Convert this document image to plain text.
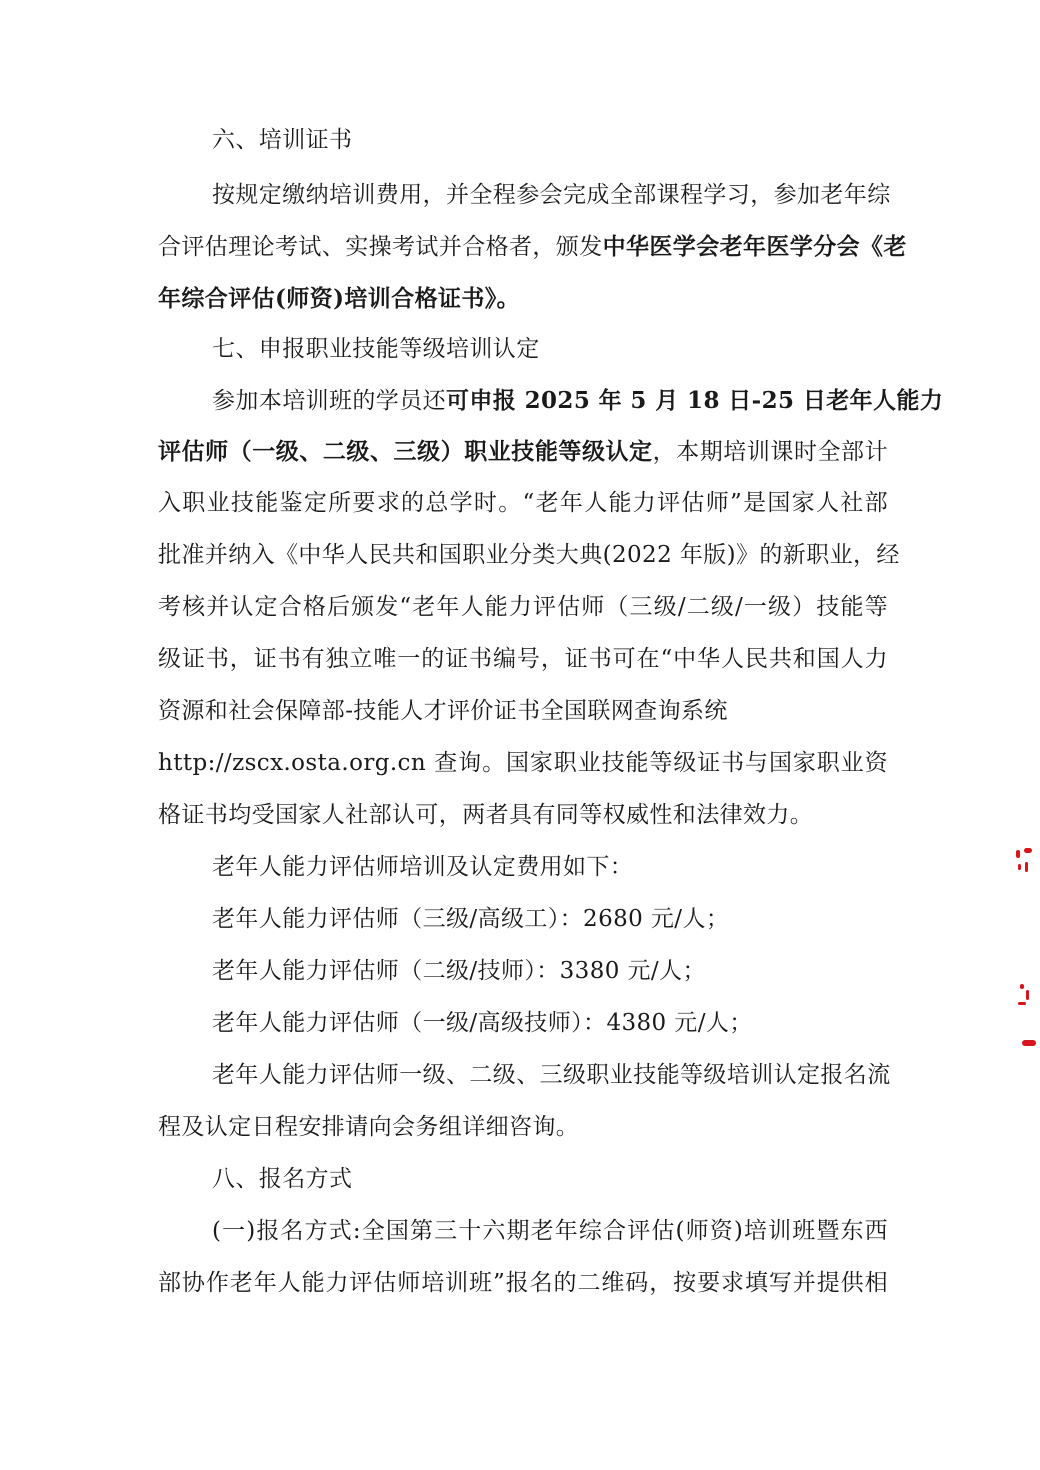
六、培训证书
按规定缴纳培训费用，并全程参会完成全部课程学习，参加老年综
合评估理论考试、实操考试并合格者，颁发中华医学会老年医学分会《老
年综合评估(师资)培训合格证书》。
七、申报职业技能等级培训认定
参加本培训班的学员还可申报 2025 年 5 月 18 日-25 日老年人能力
评估师（一级、二级、三级）职业技能等级认定，本期培训课时全部计
入职业技能鉴定所要求的总学时。“老年人能力评估师”是国家人社部
批准并纳入《中华人民共和国职业分类大典(2022 年版)》的新职业，经
考核并认定合格后颁发“老年人能力评估师（三级/二级/一级）技能等
级证书，证书有独立唯一的证书编号，证书可在“中华人民共和国人力
资源和社会保障部-技能人才评价证书全国联网查询系统
http://zscx.osta.org.cn 查询。国家职业技能等级证书与国家职业资
格证书均受国家人社部认可，两者具有同等权威性和法律效力。
老年人能力评估师培训及认定费用如下：
老年人能力评估师（三级/高级工）：2680 元/人；
老年人能力评估师（二级/技师）：3380 元/人；
老年人能力评估师（一级/高级技师）：4380 元/人；
老年人能力评估师一级、二级、三级职业技能等级培训认定报名流
程及认定日程安排请向会务组详细咨询。
八、报名方式
(一)报名方式:全国第三十六期老年综合评估(师资)培训班暨东西
部协作老年人能力评估师培训班”报名的二维码，按要求填写并提供相
